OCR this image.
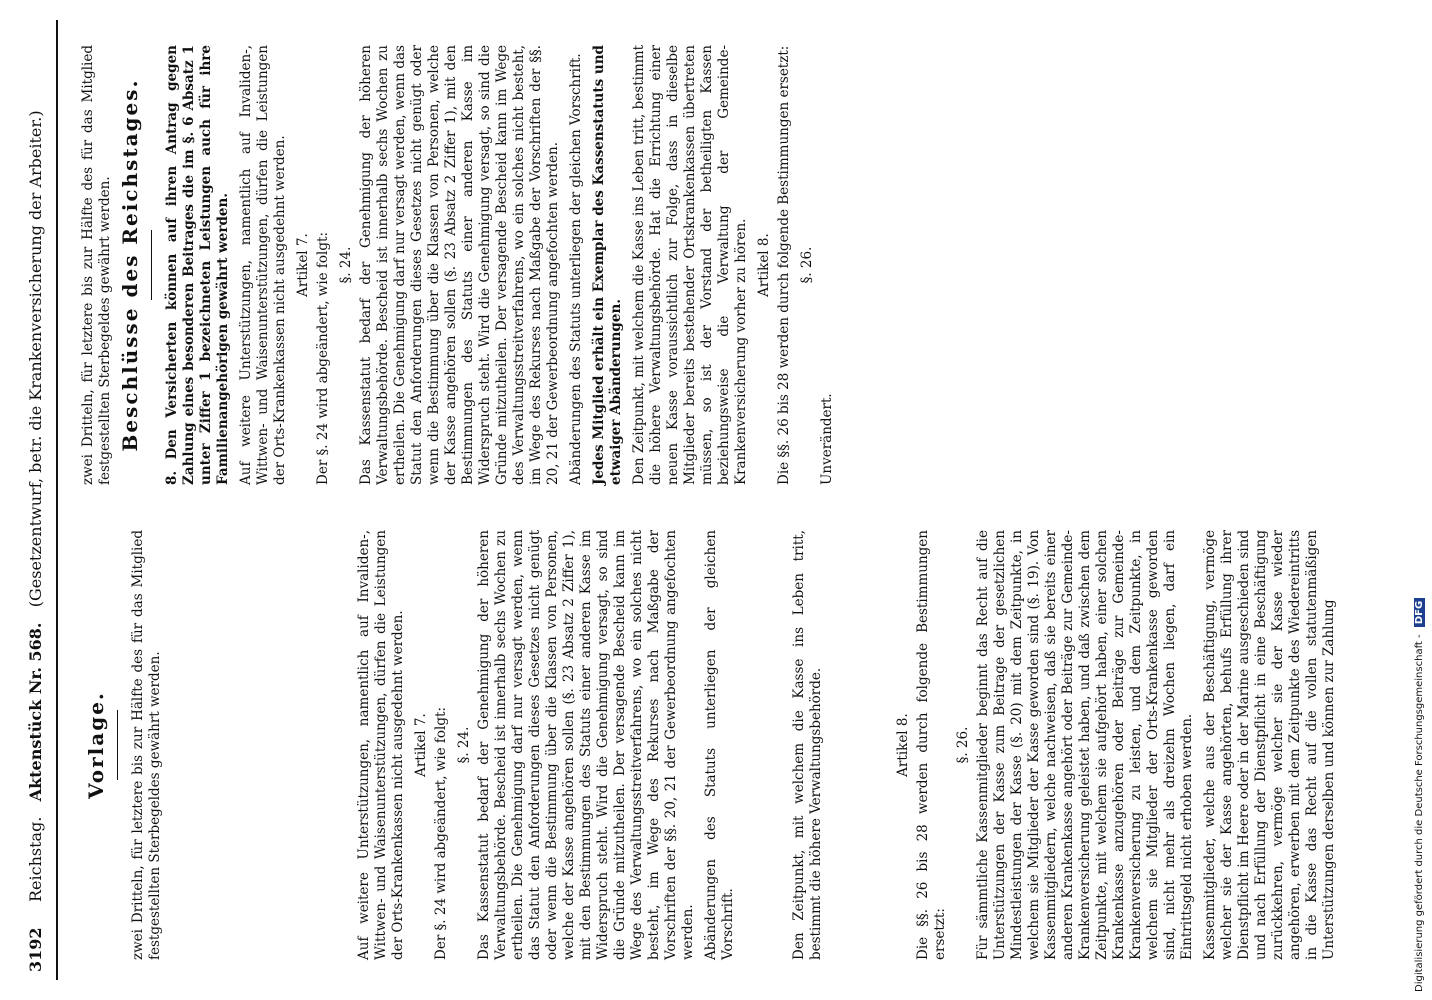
3192
Reichstag.   Aktenstück Nr. 568.   (Gesetzentwurf, betr. die Krankenversicherung der Arbeiter.)
Vorlage. zwei Dritteln, für letztere bis zur Hälfte des für das Mitglied festgestellten Sterbegeldes gewährt werden.	Auf weitere Unterstützungen, namentlich auf Invaliden-, Wittwen- und Waisenunterstützungen, dürfen die Leistungen der Orts-Krankenkassen nicht ausgedehnt werden. Artikel 7. Der §. 24 wird abgeändert, wie folgt: §. 24. Das Kassenstatut bedarf der Genehmigung der höheren Verwaltungsbehörde. Bescheid ist innerhalb sechs Wochen zu ertheilen. Die Genehmigung darf nur versagt werden, wenn das Statut den Anforderungen dieses Gesetzes nicht genügt oder wenn die Bestimmung über die Klassen von Personen, welche der Kasse angehören sollen (§. 23 Absatz 2 Ziffer 1), mit den Bestimmungen des Statuts einer anderen Kasse im Widerspruch steht. Wird die Genehmigung versagt, so sind die Gründe mitzutheilen. Der versagende Bescheid kann im Wege des Verwaltungsstreitverfahrens, wo ein solches nicht besteht, im Wege des Rekurses nach Maßgabe der Vorschriften der §§. 20, 21 der Gewerbeordnung angefochten werden. Abänderungen des Statuts unterliegen der gleichen Vorschrift.	Den Zeitpunkt, mit welchem die Kasse ins Leben tritt, bestimmt die höhere Verwaltungsbehörde.	Artikel 8. Die §§. 26 bis 28 werden durch folgende Bestimmungen ersetzt:

§. 26. Für sämmtliche Kassenmitglieder beginnt das Recht auf die Unterstützungen der Kasse zum Beitrage der gesetzlichen Mindestleistungen der Kasse (§. 20) mit dem Zeitpunkte, in welchem sie Mitglieder der Kasse geworden sind (§. 19). Von Kassenmitgliedern, welche nachweisen, daß sie bereits einer anderen Krankenkasse angehört oder Beiträge zur Gemeinde-Krankenversicherung geleistet haben, und daß zwischen dem Zeitpunkte, mit welchem sie aufgehört haben, einer solchen Krankenkasse anzugehören oder Beiträge zur Gemeinde-Krankenversicherung zu leisten, und dem Zeitpunkte, in welchem sie Mitglieder der Orts-Krankenkasse geworden sind, nicht mehr als dreizehn Wochen liegen, darf ein Eintrittsgeld nicht erhoben werden. Kassenmitglieder, welche aus der Beschäftigung, vermöge welcher sie der Kasse angehörten, behufs Erfüllung ihrer Dienstpflicht im Heere oder in der Marine ausgeschieden sind und nach Erfüllung der Dienstpflicht in eine Beschäftigung zurückkehren, vermöge welcher sie der Kasse wieder angehören, erwerben mit dem Zeitpunkte des Wiedereintritts in die Kasse das Recht auf die vollen statutenmäßigen Unterstützungen derselben und können zur Zahlung

zwei Dritteln, für letztere bis zur Hälfte des für das Mitglied festgestellten Sterbegeldes gewährt werden. Beschlüsse des Reichstages. 8. Den Versicherten können auf ihren Antrag gegen Zahlung eines besonderen Beitrages die im §. 6 Absatz 1 unter Ziffer 1 bezeichneten Leistungen auch für ihre Familienangehörigen gewährt werden. Auf weitere Unterstützungen, namentlich auf Invaliden-, Wittwen- und Waisenunterstützungen, dürfen die Leistungen der Orts-Krankenkassen nicht ausgedehnt werden. Artikel 7. Der §. 24 wird abgeändert, wie folgt: §. 24. Das Kassenstatut bedarf der Genehmigung der höheren Verwaltungsbehörde. Bescheid ist innerhalb sechs Wochen zu ertheilen. Die Genehmigung darf nur versagt werden, wenn das Statut den Anforderungen dieses Gesetzes nicht genügt oder wenn die Bestimmung über die Klassen von Personen, welche der Kasse angehören sollen (§. 23 Absatz 2 Ziffer 1), mit den Bestimmungen des Statuts einer anderen Kasse im Widerspruch steht. Wird die Genehmigung versagt, so sind die Gründe mitzutheilen. Der versagende Bescheid kann im Wege des Verwaltungsstreitverfahrens, wo ein solches nicht besteht, im Wege des Rekurses nach Maßgabe der Vorschriften der §§. 20, 21 der Gewerbeordnung angefochten werden. Abänderungen des Statuts unterliegen der gleichen Vorschrift. Jedes Mitglied erhält ein Exemplar des Kassenstatuts und etwaiger Abänderungen. Den Zeitpunkt, mit welchem die Kasse ins Leben tritt, bestimmt die höhere Verwaltungsbehörde. Hat die Errichtung einer neuen Kasse voraussichtlich zur Folge, dass in dieselbe Mitglieder bereits bestehender Ortskrankenkassen übertreten müssen, so ist der Vorstand der betheiligten Kassen beziehungsweise die Verwaltung der Gemeinde-Krankenversicherung vorher zu hören. Artikel 8. Die §§. 26 bis 28 werden durch folgende Bestimmungen ersetzt: §. 26.

Unverändert.

Digitalisierung gefördert durch die Deutsche Forschungsgemeinschaft - DFG
